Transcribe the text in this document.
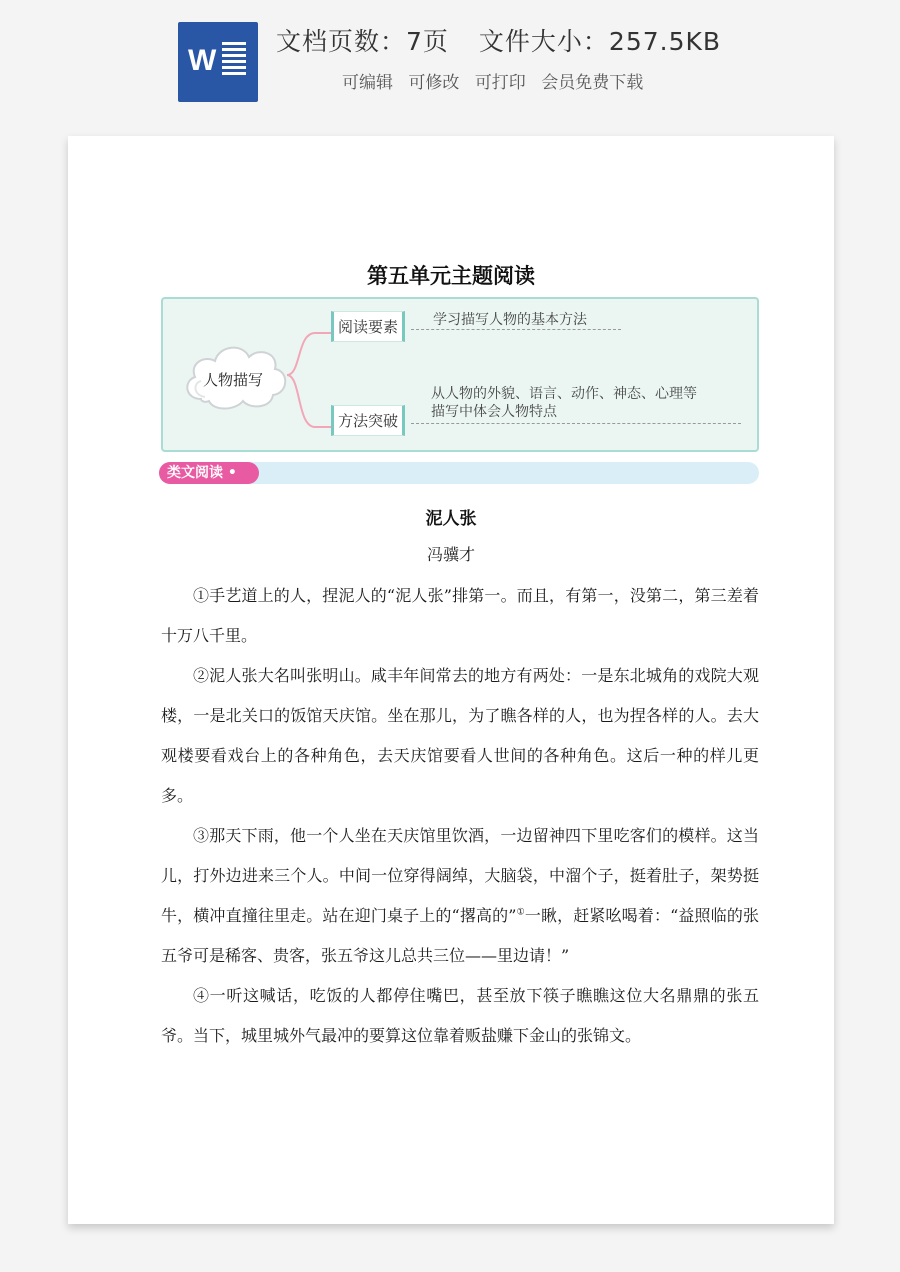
W
文档页数：7页 文件大小：257.5KB
可编辑 可修改 可打印 会员免费下载
第五单元主题阅读
人物描写
阅读要素	学习描写人物的基本方法
方法突破
从人物的外貌、语言、动作、神态、心理等
描写中体会人物特点
类文阅读 •
泥人张
冯骥才

①手艺道上的人，捏泥人的“泥人张”排第一。而且，有第一，没第二，第三差着十万八千里。

②泥人张大名叫张明山。咸丰年间常去的地方有两处：一是东北城角的戏院大观楼，一是北关口的饭馆天庆馆。坐在那儿，为了瞧各样的人，也为捏各样的人。去大观楼要看戏台上的各种角色，去天庆馆要看人世间的各种角色。这后一种的样儿更多。

③那天下雨，他一个人坐在天庆馆里饮酒，一边留神四下里吃客们的模样。这当儿，打外边进来三个人。中间一位穿得阔绰，大脑袋，中溜个子，挺着肚子，架势挺牛，横冲直撞往里走。站在迎门桌子上的“撂高的”①一瞅，赶紧吆喝着：“益照临的张五爷可是稀客、贵客，张五爷这儿总共三位——里边请！”

④一听这喊话，吃饭的人都停住嘴巴，甚至放下筷子瞧瞧这位大名鼎鼎的张五爷。当下，城里城外气最冲的要算这位靠着贩盐赚下金山的张锦文。
